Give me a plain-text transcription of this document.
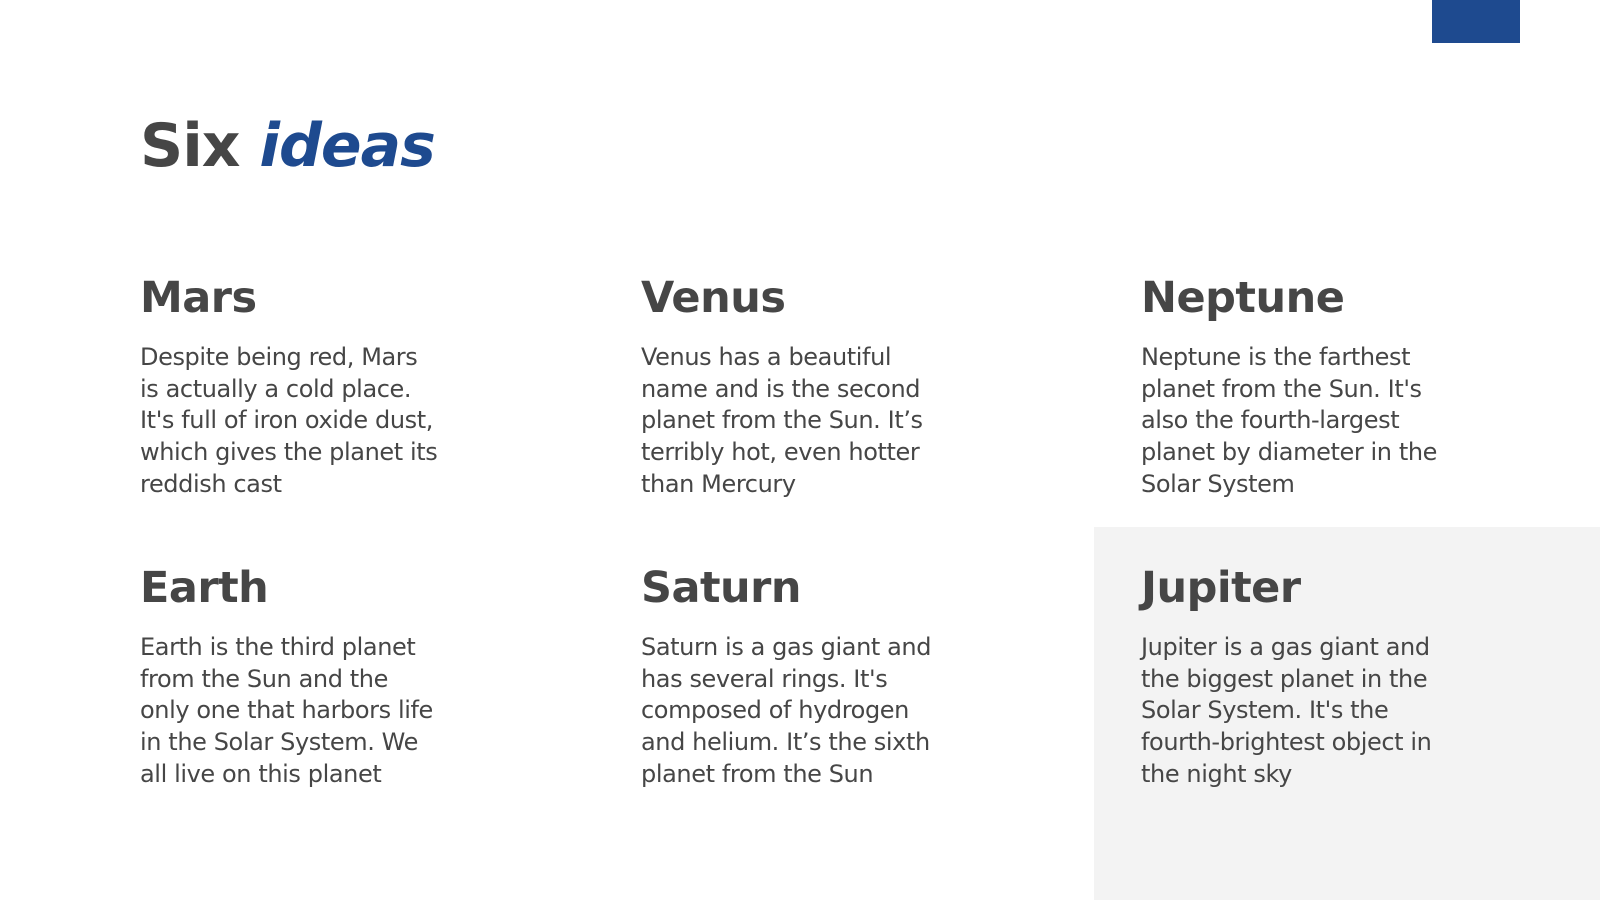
Six ideas
Mars

Despite being red, Mars
is actually a cold place.
It's full of iron oxide dust,
which gives the planet its
reddish cast

Venus

Venus has a beautiful
name and is the second
planet from the Sun. It’s
terribly hot, even hotter
than Mercury

Neptune

Neptune is the farthest
planet from the Sun. It's
also the fourth-largest
planet by diameter in the
Solar System

Earth

Earth is the third planet
from the Sun and the
only one that harbors life
in the Solar System. We
all live on this planet

Saturn

Saturn is a gas giant and
has several rings. It's
composed of hydrogen
and helium. It’s the sixth
planet from the Sun

Jupiter

Jupiter is a gas giant and
the biggest planet in the
Solar System. It's the
fourth-brightest object in
the night sky
